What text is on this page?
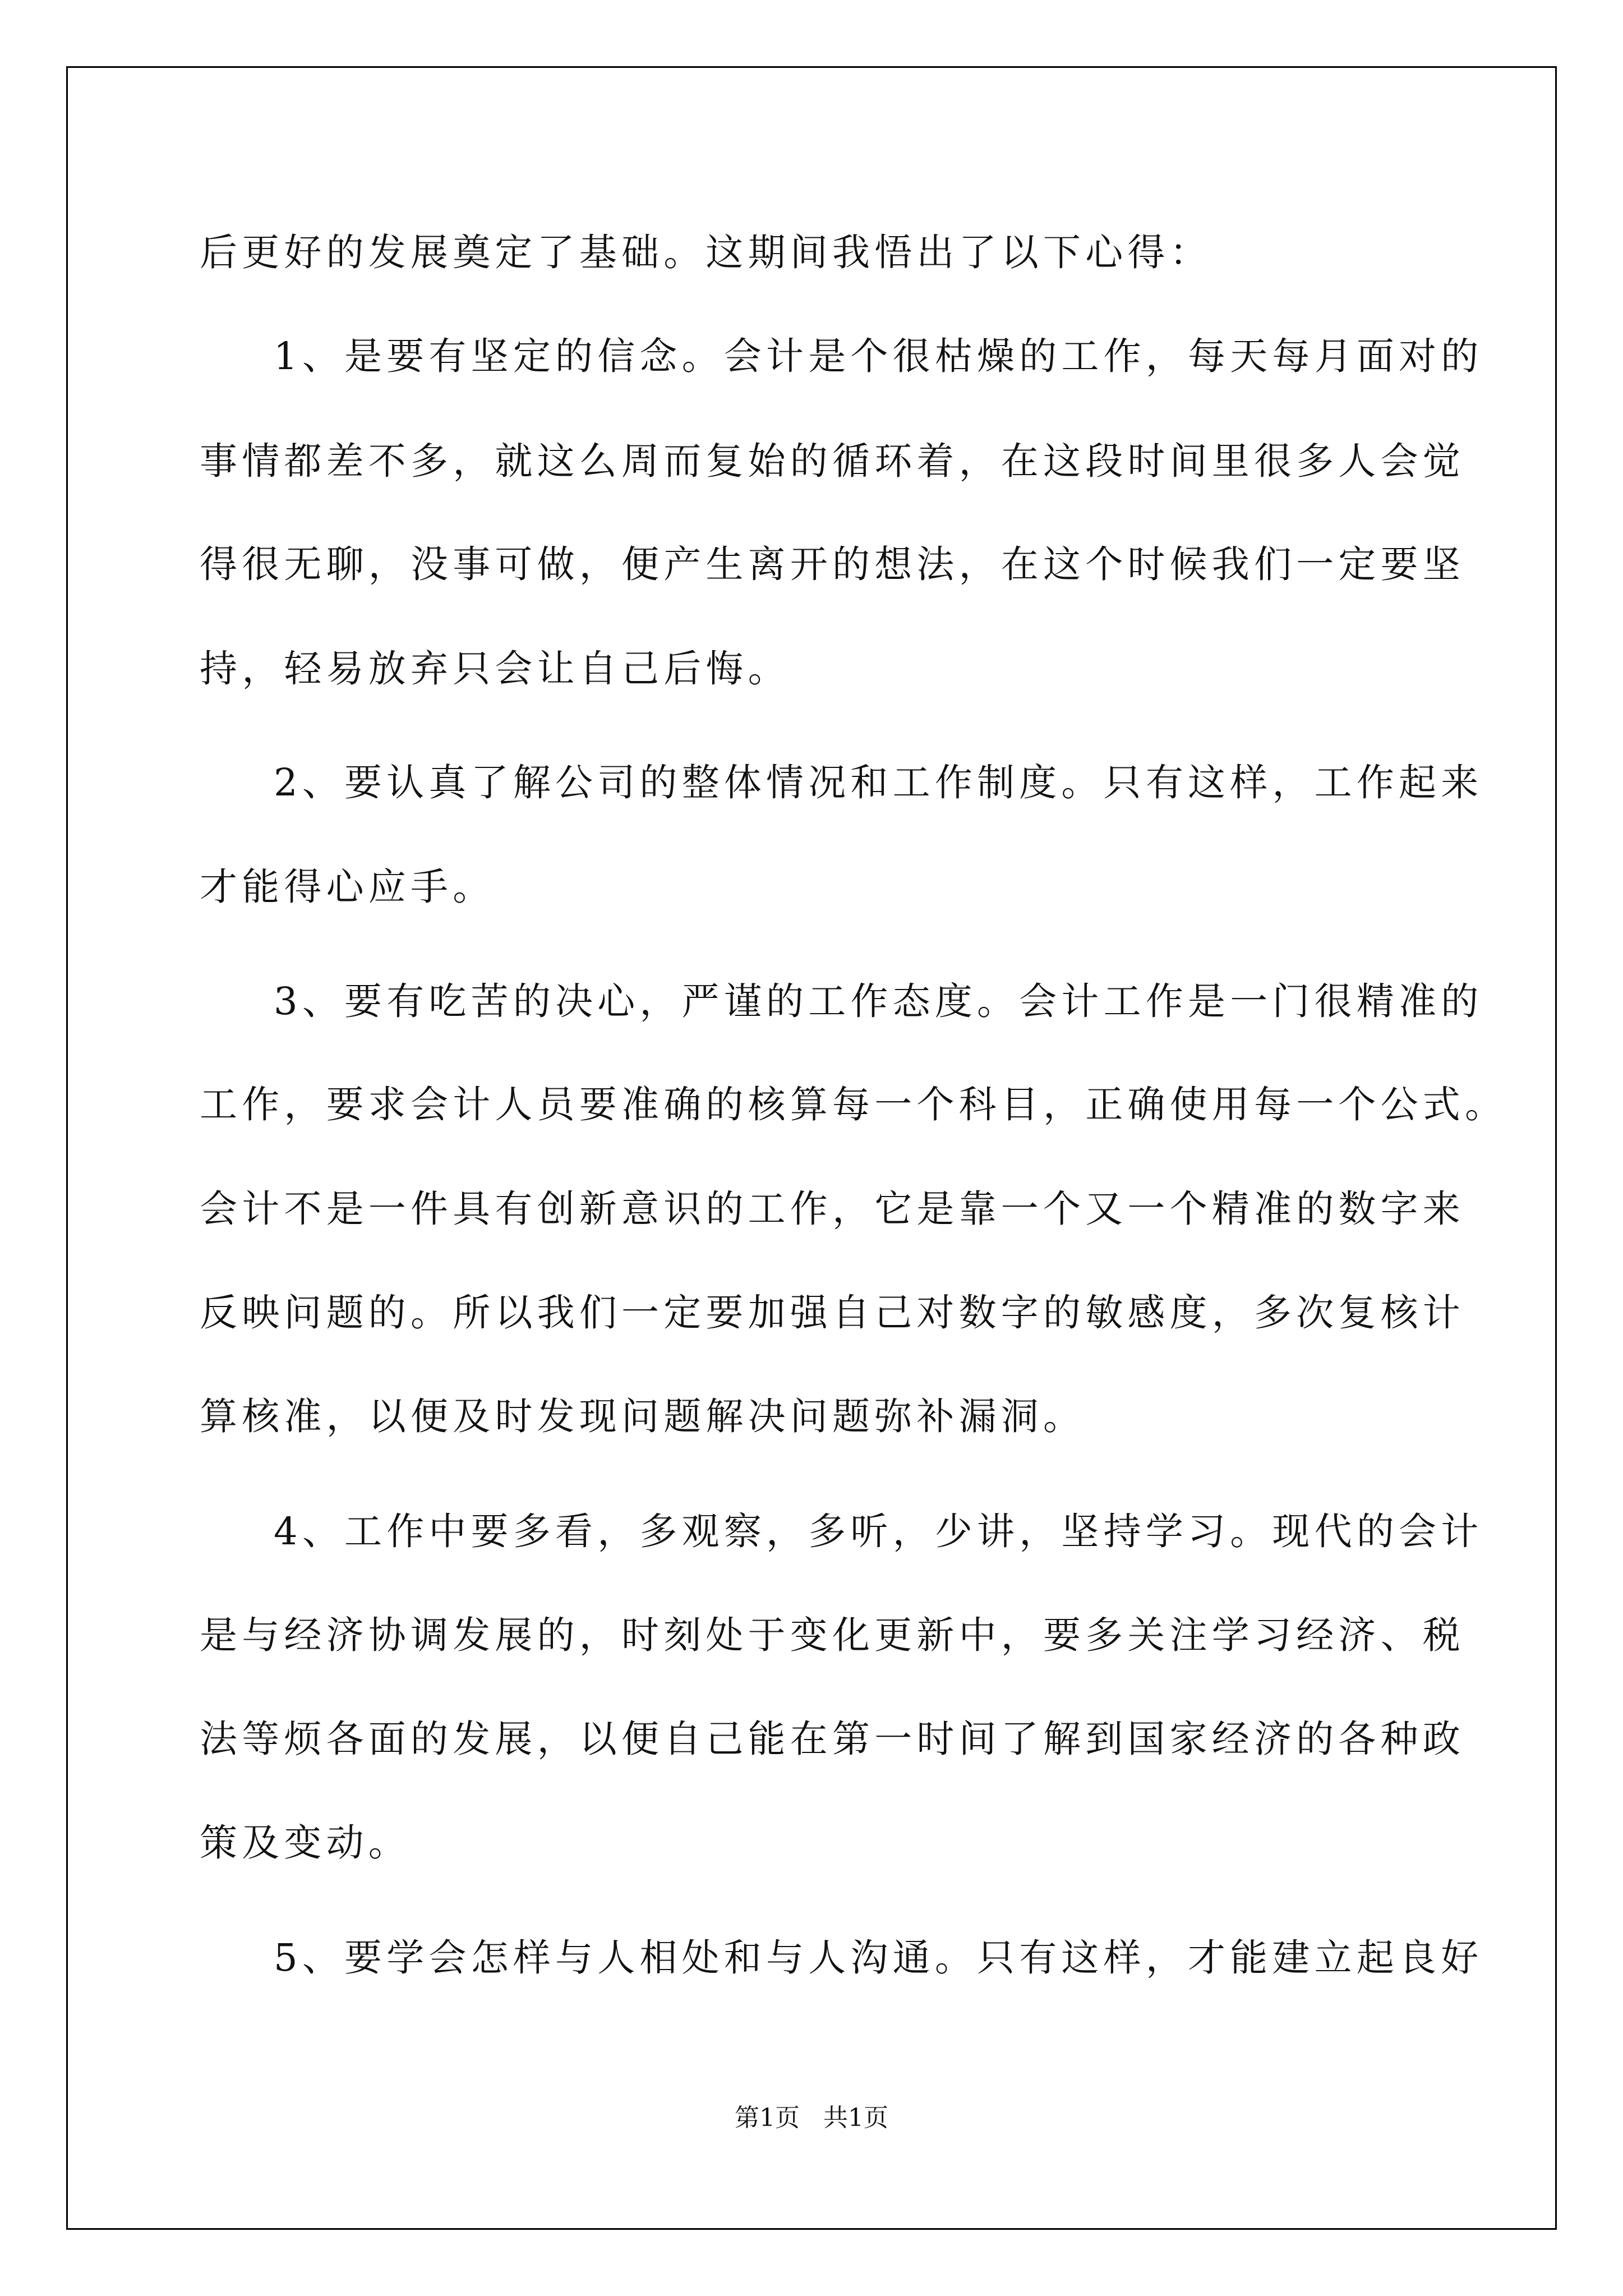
后更好的发展奠定了基础。这期间我悟出了以下心得：
1、是要有坚定的信念。会计是个很枯燥的工作，每天每月面对的
事情都差不多，就这么周而复始的循环着，在这段时间里很多人会觉
得很无聊，没事可做，便产生离开的想法，在这个时候我们一定要坚
持，轻易放弃只会让自己后悔。
2、要认真了解公司的整体情况和工作制度。只有这样，工作起来
才能得心应手。
3、要有吃苦的决心，严谨的工作态度。会计工作是一门很精准的
工作，要求会计人员要准确的核算每一个科目，正确使用每一个公式。
会计不是一件具有创新意识的工作，它是靠一个又一个精准的数字来
反映问题的。所以我们一定要加强自己对数字的敏感度，多次复核计
算核准，以便及时发现问题解决问题弥补漏洞。
4、工作中要多看，多观察，多听，少讲，坚持学习。现代的会计
是与经济协调发展的，时刻处于变化更新中，要多关注学习经济、税
法等烦各面的发展，以便自己能在第一时间了解到国家经济的各种政
策及变动。
5、要学会怎样与人相处和与人沟通。只有这样，才能建立起良好
第1页 共1页
